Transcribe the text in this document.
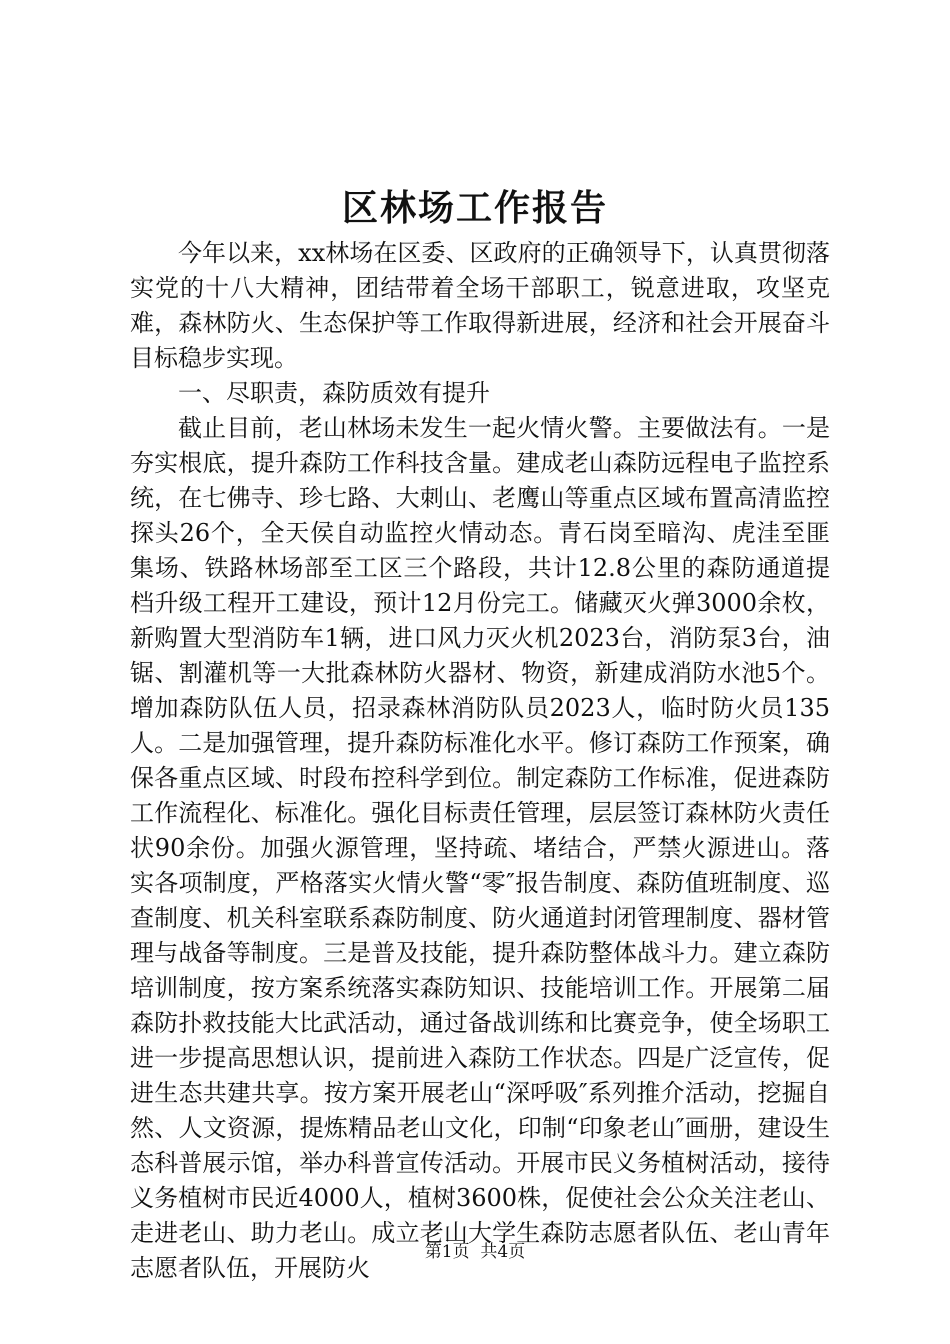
区林场工作报告

今年以来，xx林场在区委、区政府的正确领导下，认真贯彻落实党的十八大精神，团结带着全场干部职工，锐意进取，攻坚克难，森林防火、生态保护等工作取得新进展，经济和社会开展奋斗目标稳步实现。

一、尽职责，森防质效有提升

截止目前，老山林场未发生一起火情火警。主要做法有。一是夯实根底，提升森防工作科技含量。建成老山森防远程电子监控系统，在七佛寺、珍七路、大刺山、老鹰山等重点区域布置高清监控探头26个，全天侯自动监控火情动态。青石岗至暗沟、虎洼至匪集场、铁路林场部至工区三个路段，共计12.8公里的森防通道提档升级工程开工建设，预计12月份完工。储藏灭火弹3000余枚，新购置大型消防车1辆，进口风力灭火机2023台，消防泵3台，油锯、割灌机等一大批森林防火器材、物资，新建成消防水池5个。增加森防队伍人员，招录森林消防队员2023人，临时防火员135人。二是加强管理，提升森防标准化水平。修订森防工作预案，确保各重点区域、时段布控科学到位。制定森防工作标准，促进森防工作流程化、标准化。强化目标责任管理，层层签订森林防火责任状90余份。加强火源管理，坚持疏、堵结合，严禁火源进山。落实各项制度，严格落实火情火警“零″报告制度、森防值班制度、巡查制度、机关科室联系森防制度、防火通道封闭管理制度、器材管理与战备等制度。三是普及技能，提升森防整体战斗力。建立森防培训制度，按方案系统落实森防知识、技能培训工作。开展第二届森防扑救技能大比武活动，通过备战训练和比赛竞争，使全场职工进一步提高思想认识，提前进入森防工作状态。四是广泛宣传，促进生态共建共享。按方案开展老山“深呼吸″系列推介活动，挖掘自然、人文资源，提炼精品老山文化，印制“印象老山″画册，建设生态科普展示馆，举办科普宣传活动。开展市民义务植树活动，接待义务植树市民近4000人，植树3600株，促使社会公众关注老山、走进老山、助力老山。成立老山大学生森防志愿者队伍、老山青年志愿者队伍，开展防火

第1页  共4页
